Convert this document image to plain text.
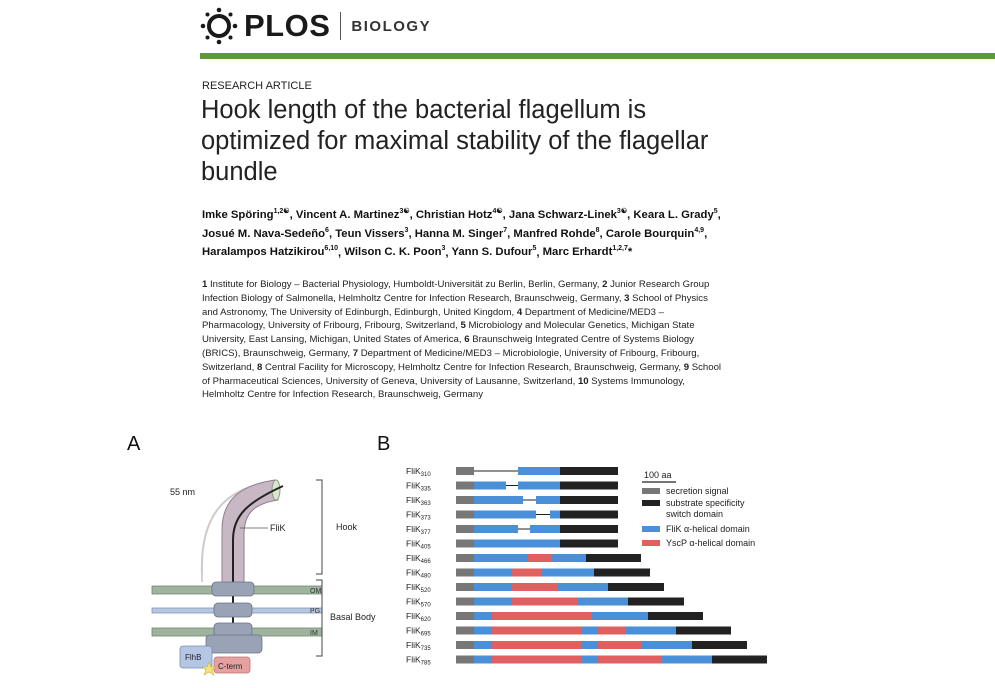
PLOS BIOLOGY
RESEARCH ARTICLE
Hook length of the bacterial flagellum is optimized for maximal stability of the flagellar bundle
Imke Spöring$^{1,2☯}$, Vincent A. Martinez$^{3☯}$, Christian Hotz$^{4☯}$, Jana Schwarz-Linek$^{3☯}$, Keara L. Grady$^5$, Josué M. Nava-Sedeño$^6$, Teun Vissers$^3$, Hanna M. Singer$^7$, Manfred Rohde$^8$, Carole Bourquin$^{4,9}$, Haralampos Hatzikirou$^{6,10}$, Wilson C. K. Poon$^3$, Yann S. Dufour$^5$, Marc Erhardt$^{1,2,7}$*
1 Institute for Biology – Bacterial Physiology, Humboldt-Universität zu Berlin, Berlin, Germany, 2 Junior Research Group Infection Biology of Salmonella, Helmholtz Centre for Infection Research, Braunschweig, Germany, 3 School of Physics and Astronomy, The University of Edinburgh, Edinburgh, United Kingdom, 4 Department of Medicine/MED3 – Pharmacology, University of Fribourg, Fribourg, Switzerland, 5 Microbiology and Molecular Genetics, Michigan State University, East Lansing, Michigan, United States of America, 6 Braunschweig Integrated Centre of Systems Biology (BRICS), Braunschweig, Germany, 7 Department of Medicine/MED3 – Microbiologie, University of Fribourg, Fribourg, Switzerland, 8 Central Facility for Microscopy, Helmholtz Centre for Infection Research, Braunschweig, Germany, 9 School of Pharmaceutical Sciences, University of Geneva, University of Lausanne, Switzerland, 10 Systems Immunology, Helmholtz Centre for Infection Research, Braunschweig, Germany
A	B
55 nm
FliK	Hook
Basal Body
OM
PG
IM
FlhB
C-term
FliK$_{310}$
FliK$_{335}$
FliK$_{363}$
FliK$_{373}$
FliK$_{377}$
FliK$_{405}$
FliK$_{466}$
FliK$_{480}$
FliK$_{520}$
FliK$_{570}$
FliK$_{620}$
FliK$_{695}$
FliK$_{735}$
FliK$_{785}$
100 aa
secretion signal
substrate specificity switch domain
FliK α-helical domain
YscP α-helical domain
